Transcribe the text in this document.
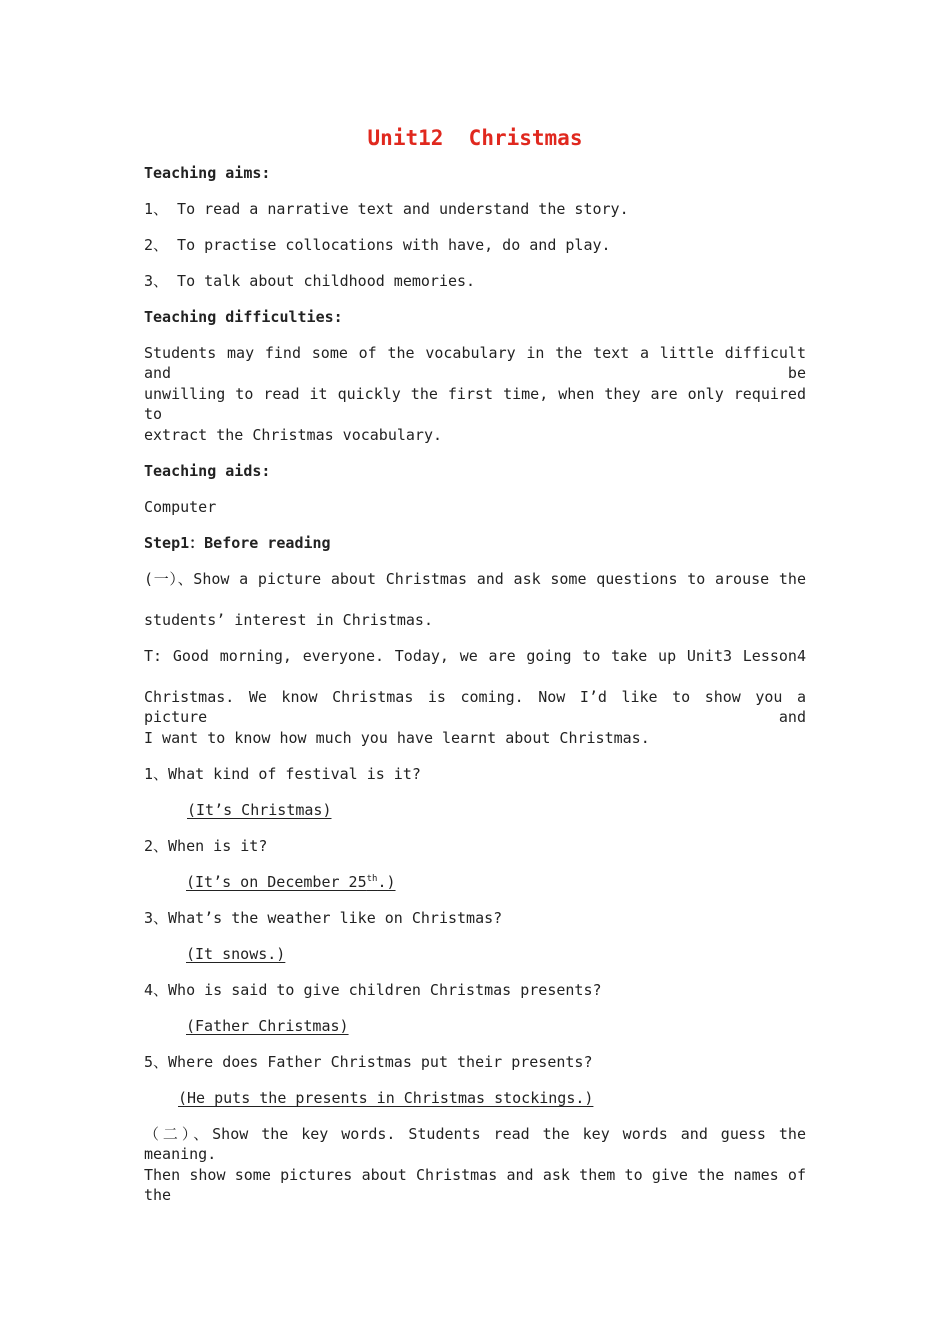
Unit12  Christmas
Teaching aims:
1、 To read a narrative text and understand the story.
2、 To practise collocations with have, do and play.
3、 To talk about childhood memories.
Teaching difficulties:
Students may find some of the vocabulary in the text a little difficult and be
unwilling to read it quickly the first time, when they are only required to
extract the Christmas vocabulary.
Teaching aids:
Computer
Step1：Before reading
(一）、Show a picture about Christmas and ask some questions to arouse the
students’ interest in Christmas.
T: Good morning, everyone. Today, we are going to take up Unit3 Lesson4
Christmas. We know Christmas is coming. Now I’d like to show you a picture and
I want to know how much you have learnt about Christmas.
1、What kind of festival is it?
(It’s Christmas)
2、When is it?
(It’s on December 25th.)
3、What’s the weather like on Christmas?
(It snows.)
4、Who is said to give children Christmas presents?
(Father Christmas)
5、Where does Father Christmas put their presents?
(He puts the presents in Christmas stockings.)
（二）、Show the key words. Students read the key words and guess the meaning.
Then show some pictures about Christmas and ask them to give the names of the
